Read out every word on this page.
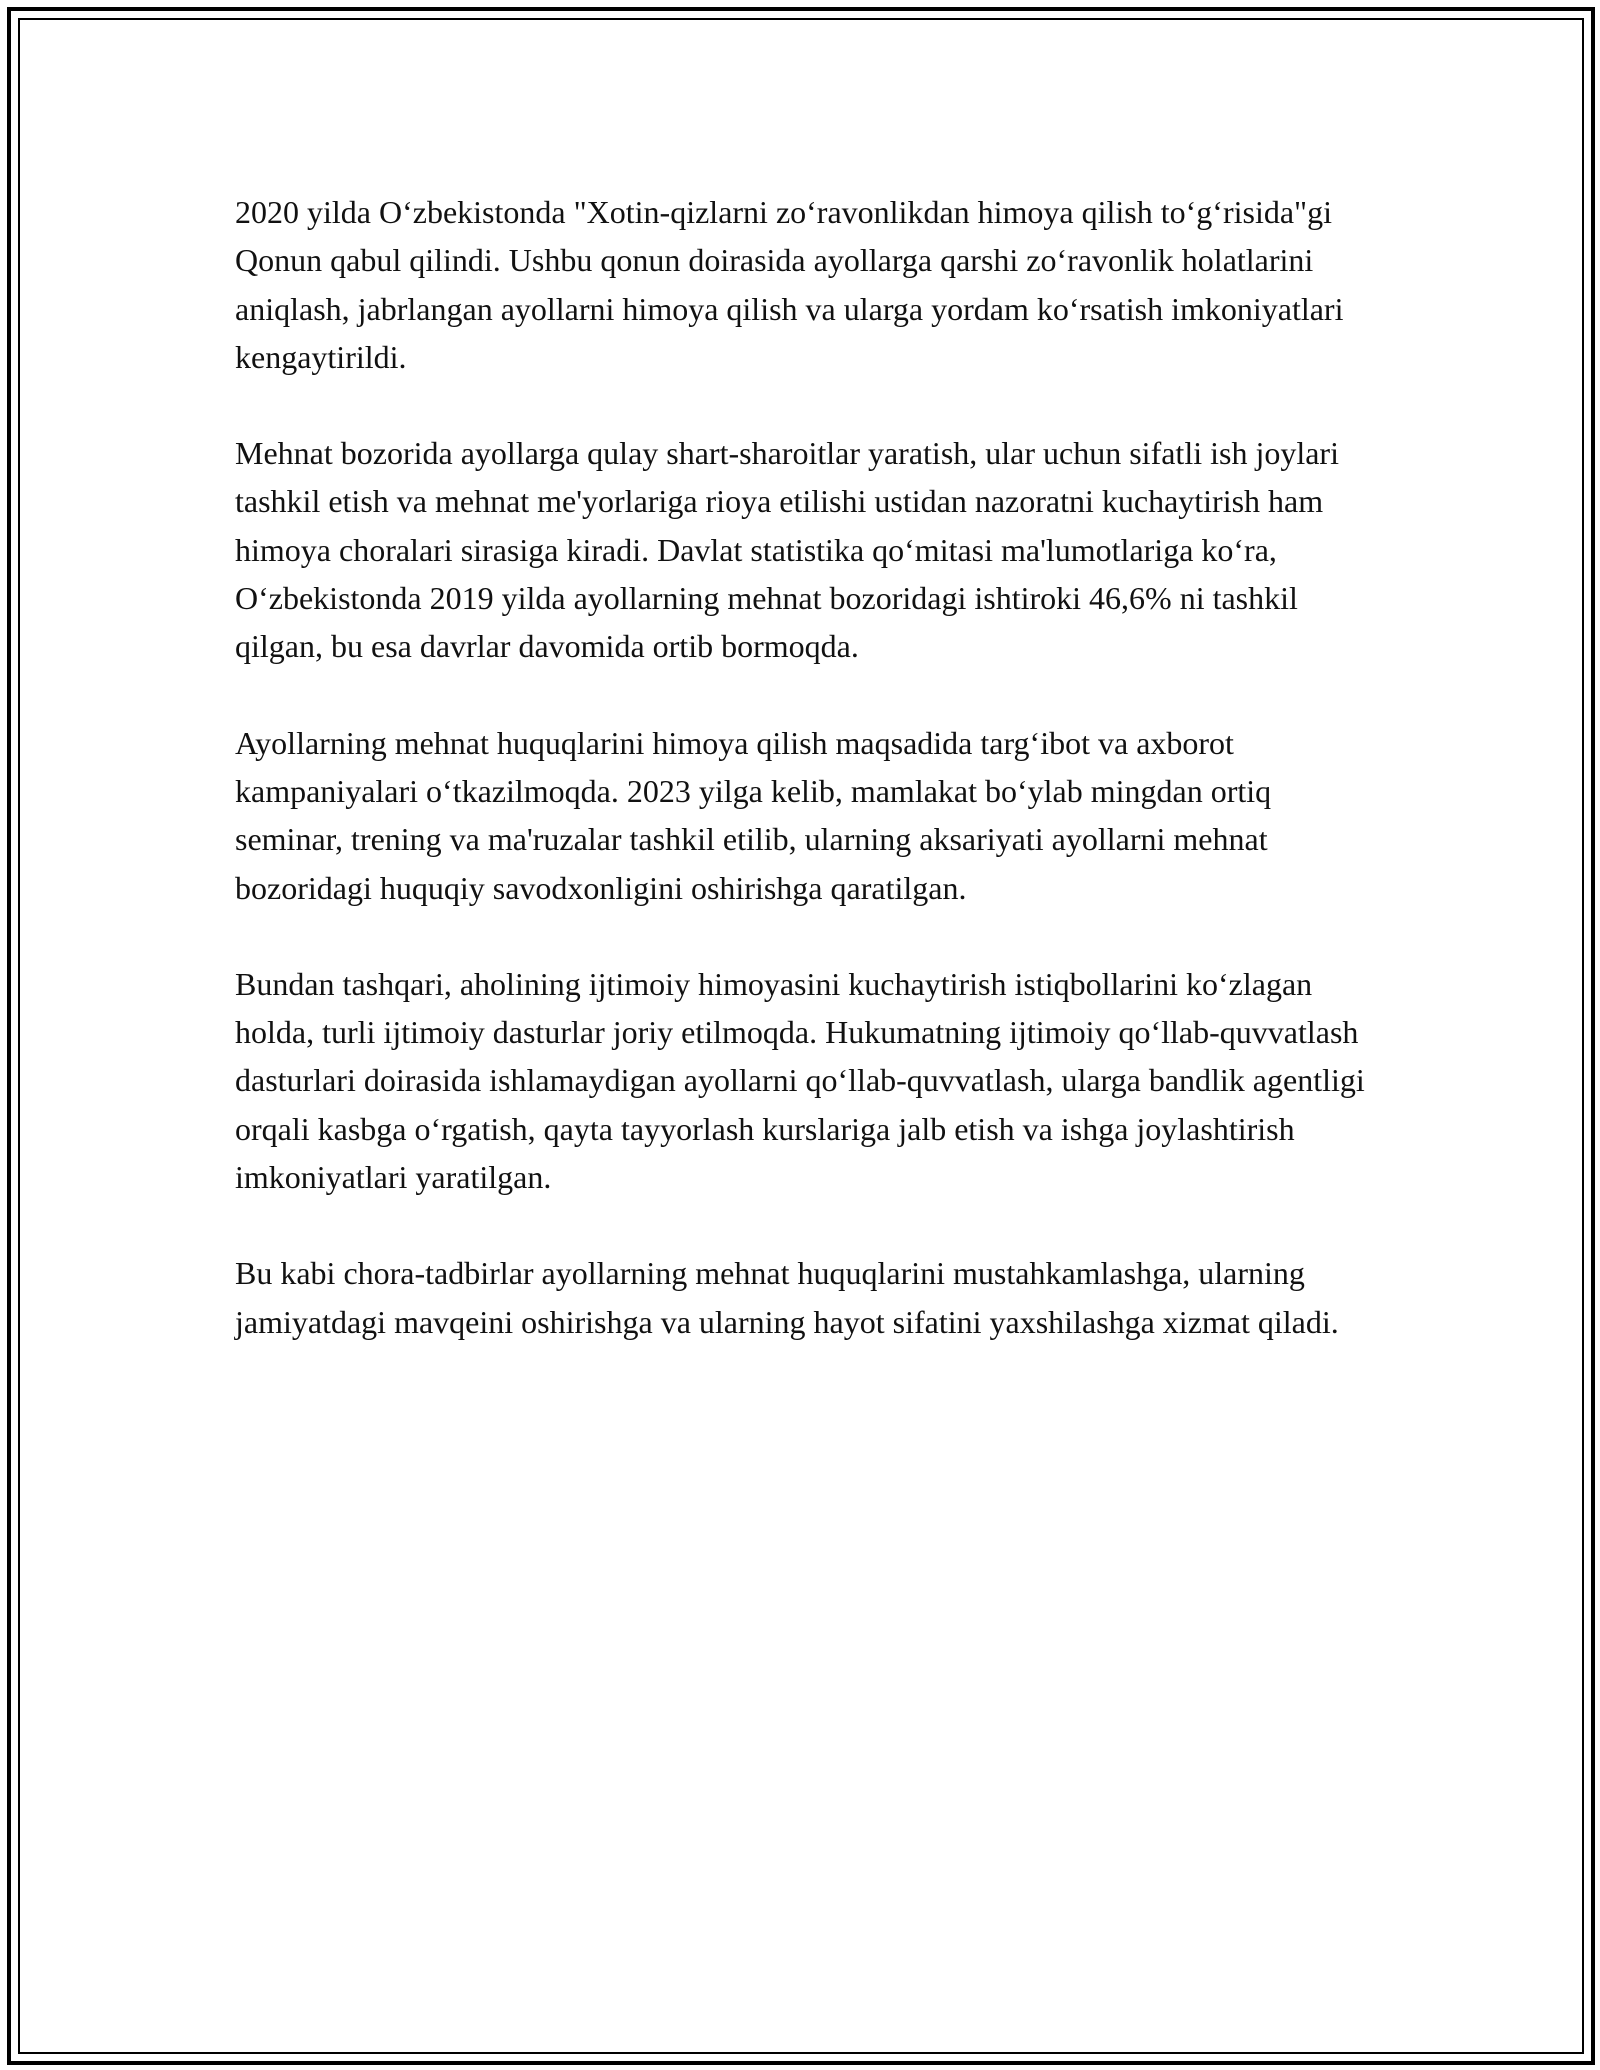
2020 yilda O‘zbekistonda "Xotin-qizlarni zo‘ravonlikdan himoya qilish to‘g‘risida"gi Qonun qabul qilindi. Ushbu qonun doirasida ayollarga qarshi zo‘ravonlik holatlarini aniqlash, jabrlangan ayollarni himoya qilish va ularga yordam ko‘rsatish imkoniyatlari kengaytirildi.

Mehnat bozorida ayollarga qulay shart-sharoitlar yaratish, ular uchun sifatli ish joylari tashkil etish va mehnat me'yorlariga rioya etilishi ustidan nazoratni kuchaytirish ham himoya choralari sirasiga kiradi. Davlat statistika qo‘mitasi ma'lumotlariga ko‘ra, O‘zbekistonda 2019 yilda ayollarning mehnat bozoridagi ishtiroki 46,6% ni tashkil qilgan, bu esa davrlar davomida ortib bormoqda.

Ayollarning mehnat huquqlarini himoya qilish maqsadida targ‘ibot va axborot kampaniyalari o‘tkazilmoqda. 2023 yilga kelib, mamlakat bo‘ylab mingdan ortiq seminar, trening va ma'ruzalar tashkil etilib, ularning aksariyati ayollarni mehnat bozoridagi huquqiy savodxonligini oshirishga qaratilgan.

Bundan tashqari, aholining ijtimoiy himoyasini kuchaytirish istiqbollarini ko‘zlagan holda, turli ijtimoiy dasturlar joriy etilmoqda. Hukumatning ijtimoiy qo‘llab-quvvatlash dasturlari doirasida ishlamaydigan ayollarni qo‘llab-quvvatlash, ularga bandlik agentligi orqali kasbga o‘rgatish, qayta tayyorlash kurslariga jalb etish va ishga joylashtirish imkoniyatlari yaratilgan.

Bu kabi chora-tadbirlar ayollarning mehnat huquqlarini mustahkamlashga, ularning jamiyatdagi mavqeini oshirishga va ularning hayot sifatini yaxshilashga xizmat qiladi.
